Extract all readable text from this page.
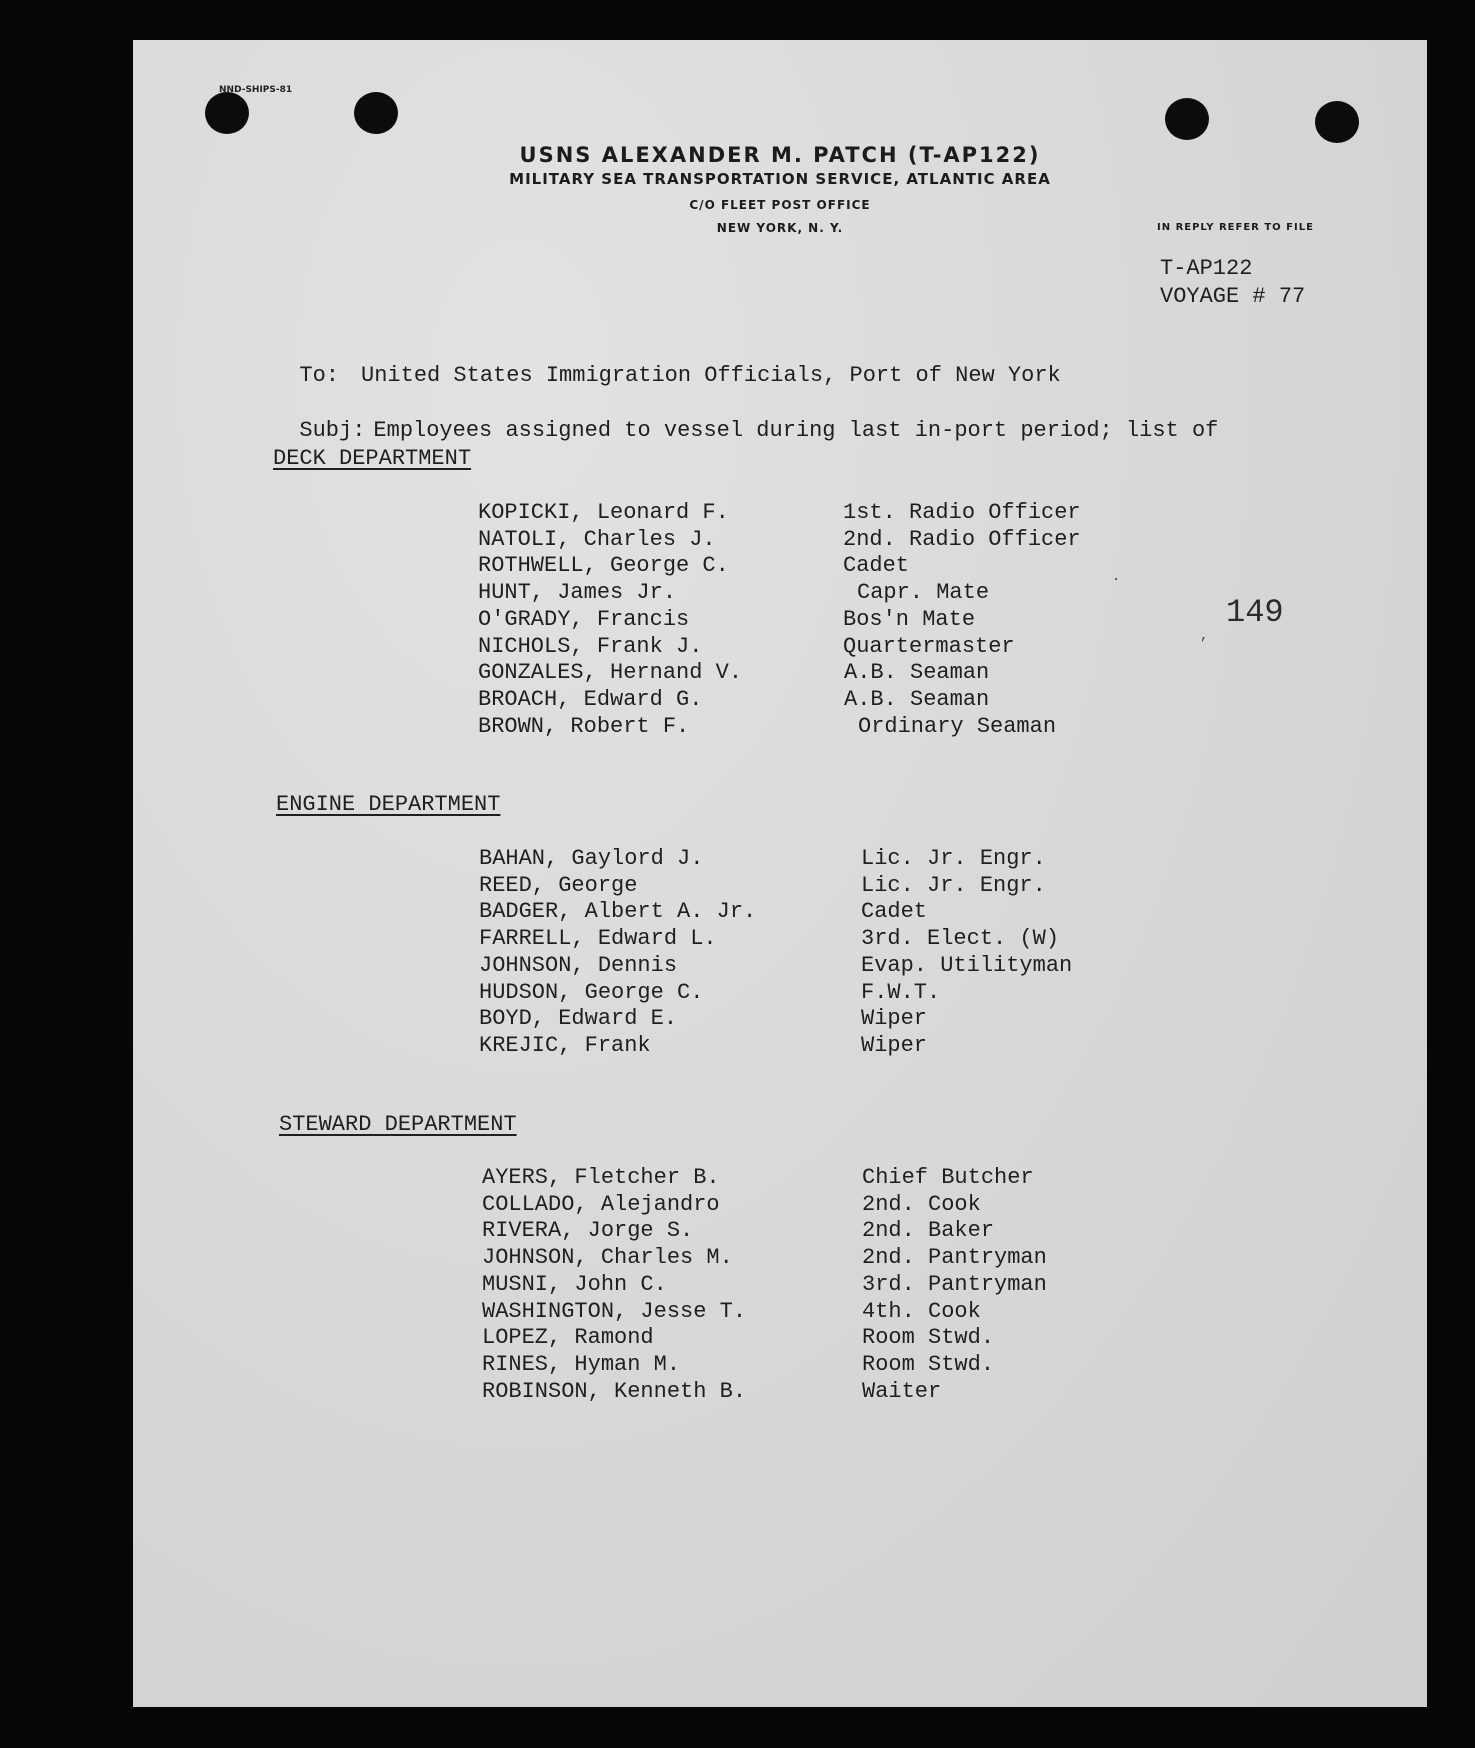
NND-SHIPS-81
USNS ALEXANDER M. PATCH (T-AP122)
MILITARY SEA TRANSPORTATION SERVICE, ATLANTIC AREA
C/O FLEET POST OFFICE
NEW YORK, N. Y.	IN REPLY REFER TO FILE
T-AP122
VOYAGE # 77

To: United States Immigration Officials, Port of New York

Subj: Employees assigned to vessel during last in-port period; list of

DECK DEPARTMENT
ENGINE DEPARTMENT
STEWARD DEPARTMENT
KOPICKI, Leonard F.	1st. Radio Officer
NATOLI, Charles J.	2nd. Radio Officer
ROTHWELL, George C.	Cadet
HUNT, James Jr.	Capr. Mate
O'GRADY, Francis	Bos'n Mate
NICHOLS, Frank J.	Quartermaster
GONZALES, Hernand V.	A.B. Seaman
BROACH, Edward G.	A.B. Seaman
BROWN, Robert F.	Ordinary Seaman
BAHAN, Gaylord J.	Lic. Jr. Engr.
REED, George	Lic. Jr. Engr.
BADGER, Albert A. Jr.	Cadet
FARRELL, Edward L.	3rd. Elect. (W)
JOHNSON, Dennis	Evap. Utilityman
HUDSON, George C.	F.W.T.
BOYD, Edward E.	Wiper
KREJIC, Frank	Wiper
AYERS, Fletcher B.	Chief Butcher
COLLADO, Alejandro	2nd. Cook
RIVERA, Jorge S.	2nd. Baker
JOHNSON, Charles M.	2nd. Pantryman
MUSNI, John C.	3rd. Pantryman
WASHINGTON, Jesse T.	4th. Cook
LOPEZ, Ramond	Room Stwd.
RINES, Hyman M.	Room Stwd.
ROBINSON, Kenneth B.	Waiter
149
·
,
